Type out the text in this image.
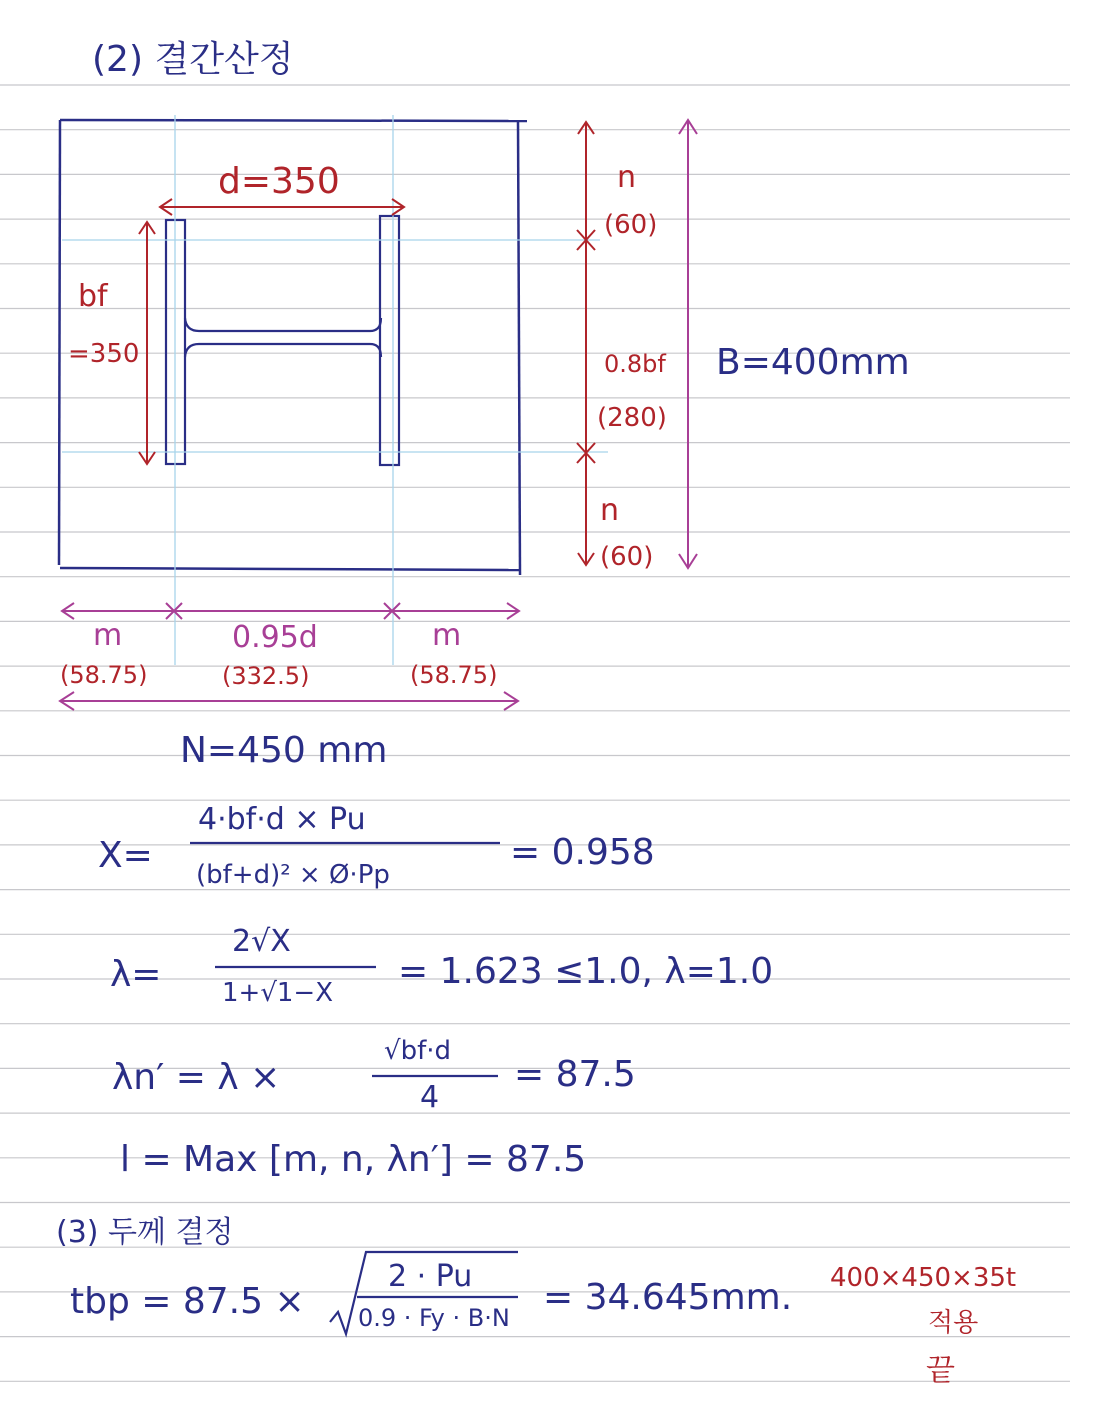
(2) 결간산정
d=350
bf
=350
n
(60)
0.8bf
(280)
n
(60)
B=400mm
m
(58.75)
0.95d
(332.5)
m
(58.75)
N=450 mm
X=
4·bf·d × Pu
(bf+d)² × Ø·Pp
= 0.958
λ=
2√X
1+√1−X
= 1.623 ≤1.0, λ=1.0
λn′ = λ ×
√bf·d
4
= 87.5
l = Max [m, n, λn′] = 87.5
(3) 두께 결정
tbp = 87.5 ×
2 · Pu
0.9 · Fy · B·N = 34.645mm. 400×450×35t
적용
끝
